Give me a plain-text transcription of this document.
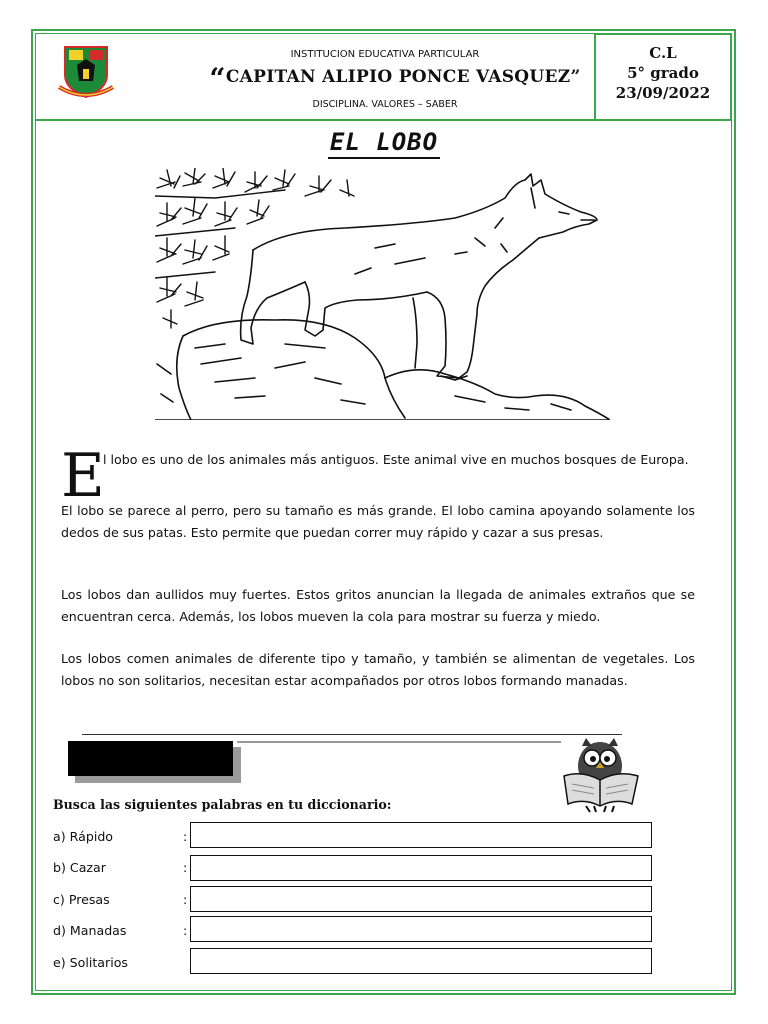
INSTITUCION EDUCATIVA PARTICULAR
“CAPITAN ALIPIO PONCE VASQUEZ”
DISCIPLINA. VALORES – SABER
C.L
5° grado
23/09/2022
EL LOBO
E
l lobo es uno de los animales más antiguos. Este animal vive en muchos bosques de Europa.
El lobo se parece al perro, pero su tamaño es más grande. El lobo camina apoyando solamente los dedos de sus patas. Esto permite que puedan correr muy rápido y cazar a sus presas.
Los lobos dan aullidos muy fuertes. Estos gritos anuncian la llegada de animales extraños que se encuentran cerca. Además, los lobos mueven la cola para mostrar su fuerza y miedo.
Los lobos comen animales de diferente tipo y tamaño, y también se alimentan de vegetales. Los lobos no son solitarios, necesitan estar acompañados por otros lobos formando manadas.
Busca las siguientes palabras en tu diccionario:
a) Rápido	:
b) Cazar	:
c) Presas	:
d) Manadas	:
e) Solitarios
